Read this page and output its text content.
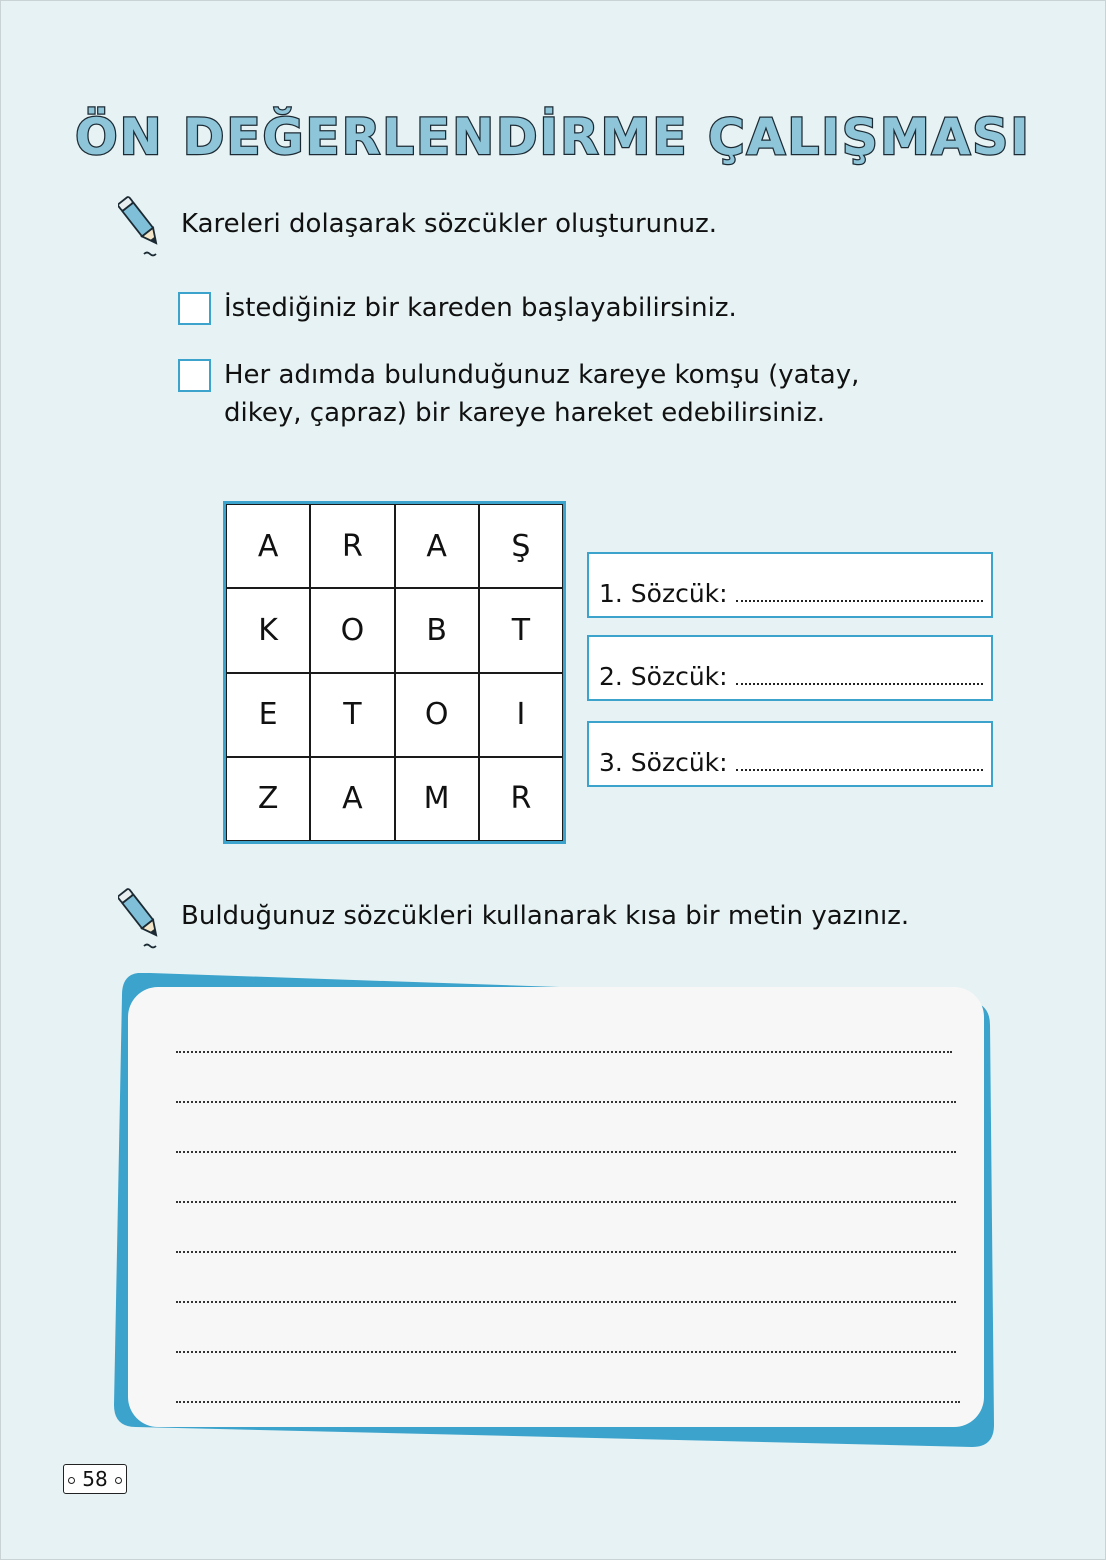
ÖN DEĞERLENDİRME ÇALIŞMASI
Kareleri dolaşarak sözcükler oluşturunuz.
İstediğiniz bir kareden başlayabilirsiniz.
Her adımda bulunduğunuz kareye komşu (yatay, dikey, çapraz) bir kareye hareket edebilirsiniz.
A	R	A	Ş
K	O	B	T
E	T	O	I
Z	A	M	R
1. Sözcük:
2. Sözcük:
3. Sözcük:
Bulduğunuz sözcükleri kullanarak kısa bir metin yazınız.
58
